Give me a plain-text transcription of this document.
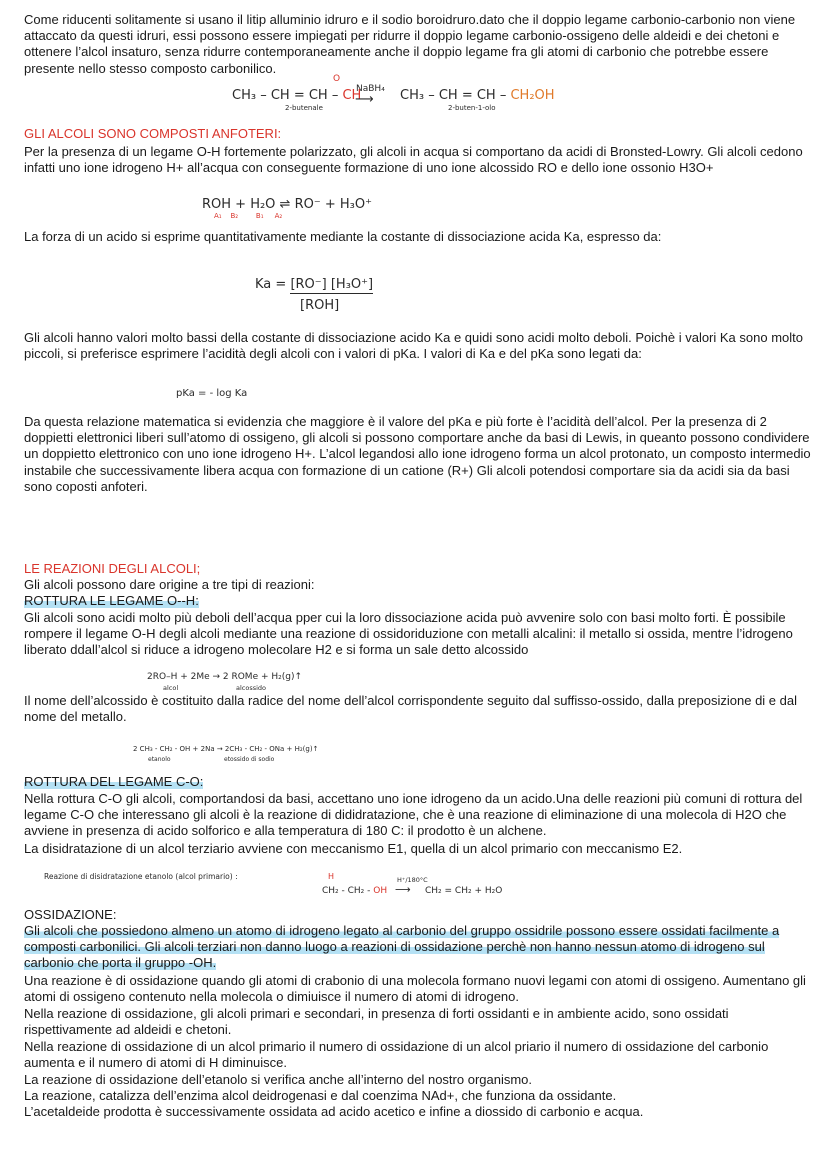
Come riducenti solitamente si usano il litip alluminio idruro e il sodio boroidruro.dato che il doppio legame carbonio-carbonio non viene attaccato da questi idruri, essi possono essere impiegati per ridurre il doppio legame carbonio-ossigeno delle aldeidi e dei chetoni e ottenere l’alcol insaturo, senza ridurre contemporaneamente anche il doppio legame fra gli atomi di carbonio che potrebbe essere presente nello stesso composto carbonilico.

CH₃ – CH = CH – CH
O
NaBH₄
⟶ CH₃ – CH = CH – CH₂OH
2-butenale	2-buten-1-olo

GLI ALCOLI SONO COMPOSTI ANFOTERI:

Per la presenza di un legame O-H fortemente polarizzato, gli alcoli in acqua si comportano da acidi di Bronsted-Lowry. Gli alcoli cedono infatti uno ione idrogeno H+ all’acqua con conseguente formazione di uno ione alcossido RO e dello ione ossonio H3O+

ROH + H₂O ⇌ RO⁻ + H₃O⁺
A₁    B₂        B₁     A₂

La forza di un acido si esprime quantitativamente mediante la costante di dissociazione acida Ka, espresso da:

Ka = [RO⁻] [H₃O⁺]
[ROH]

Gli alcoli hanno valori molto bassi della costante di dissociazione acido Ka e quidi sono acidi molto deboli. Poichè i valori Ka sono molto piccoli, si preferisce esprimere l’acidità degli alcoli con i valori di pKa. I valori di Ka e del pKa sono legati da:

pKa = - log Ka

Da questa relazione matematica si evidenzia che maggiore è il valore del pKa e più forte è l’acidità dell’alcol. Per la presenza di 2 doppietti elettronici liberi sull’atomo di ossigeno, gli alcoli si possono comportare anche da basi di Lewis, in queanto possono condividere un doppietto elettronico con uno ione idrogeno H+. L’alcol legandosi allo ione idrogeno forma un alcol protonato, un composto intermedio instabile che successivamente libera acqua con formazione di un catione (R+) Gli alcoli potendosi comportare sia da acidi sia da basi sono coposti anfoteri.

LE REAZIONI DEGLI ALCOLI;

Gli alcoli possono dare origine a tre tipi di reazioni:

ROTTURA LE LEGAME O--H:

Gli alcoli sono acidi molto più deboli dell’acqua pper cui la loro dissociazione acida può avvenire solo con basi molto forti. È possibile rompere il legame O-H degli alcoli mediante una reazione di ossidoriduzione con metalli alcalini: il metallo si ossida, mentre l’idrogeno liberato ddall’alcol si riduce a idrogeno molecolare H2 e si forma un sale detto alcossido

2RO–H + 2Me → 2 ROMe + H₂(g)↑
alcol	alcossido

Il nome dell’alcossido è costituito dalla radice del nome dell’alcol corrispondente seguito dal suffisso-ossido, dalla preposizione di e dal nome del metallo.

2 CH₃ - CH₂ - OH + 2Na → 2CH₃ - CH₂ - ONa + H₂(g)↑
etanolo	etossido di sodio

ROTTURA DEL LEGAME C-O:

Nella rottura C-O gli alcoli, comportandosi da basi, accettano uno ione idrogeno da un acido.Una delle reazioni più comuni di rottura del legame C-O che interessano gli alcoli è la reazione di dididratazione, che è una reazione di eliminazione di una molecola di H2O che avviene in presenza di acido solforico e alla temperatura di 180 C: il prodotto è un alchene.

La disidratazione di un alcol terziario avviene con meccanismo E1, quella di un alcol primario con meccanismo E2.

Reazione di disidratazione etanolo (alcol primario) :	H
CH₂ - CH₂ - OH
H⁺/180°C
⟶ CH₂ = CH₂ + H₂O

OSSIDAZIONE:

Gli alcoli che possiedono almeno un atomo di idrogeno legato al carbonio del gruppo ossidrile possono essere ossidati facilmente a composti carbonilici. Gli alcoli terziari non danno luogo a reazioni di ossidazione perchè non hanno nessun atomo di idrogeno sul carbonio che porta il gruppo -OH.

Una reazione è di ossidazione quando gli atomi di crabonio di una molecola formano nuovi legami con atomi di ossigeno. Aumentano gli atomi di ossigeno contenuto nella molecola o dimiuisce il numero di atomi di idrogeno.

Nella reazione di ossidazione, gli alcoli primari e secondari, in presenza di forti ossidanti e in ambiente acido, sono ossidati rispettivamente ad aldeidi e chetoni.

Nella reazione di ossidazione di un alcol primario il numero di ossidazione di un alcol priario il numero di ossidazione del carbonio aumenta e il numero di atomi di H diminuisce.

La reazione di ossidazione dell’etanolo si verifica anche all’interno del nostro organismo.

La reazione, catalizza dell’enzima alcol deidrogenasi e dal coenzima NAd+, che funziona da ossidante.

L’acetaldeide prodotta è successivamente ossidata ad acido acetico e infine a diossido di carbonio e acqua.
